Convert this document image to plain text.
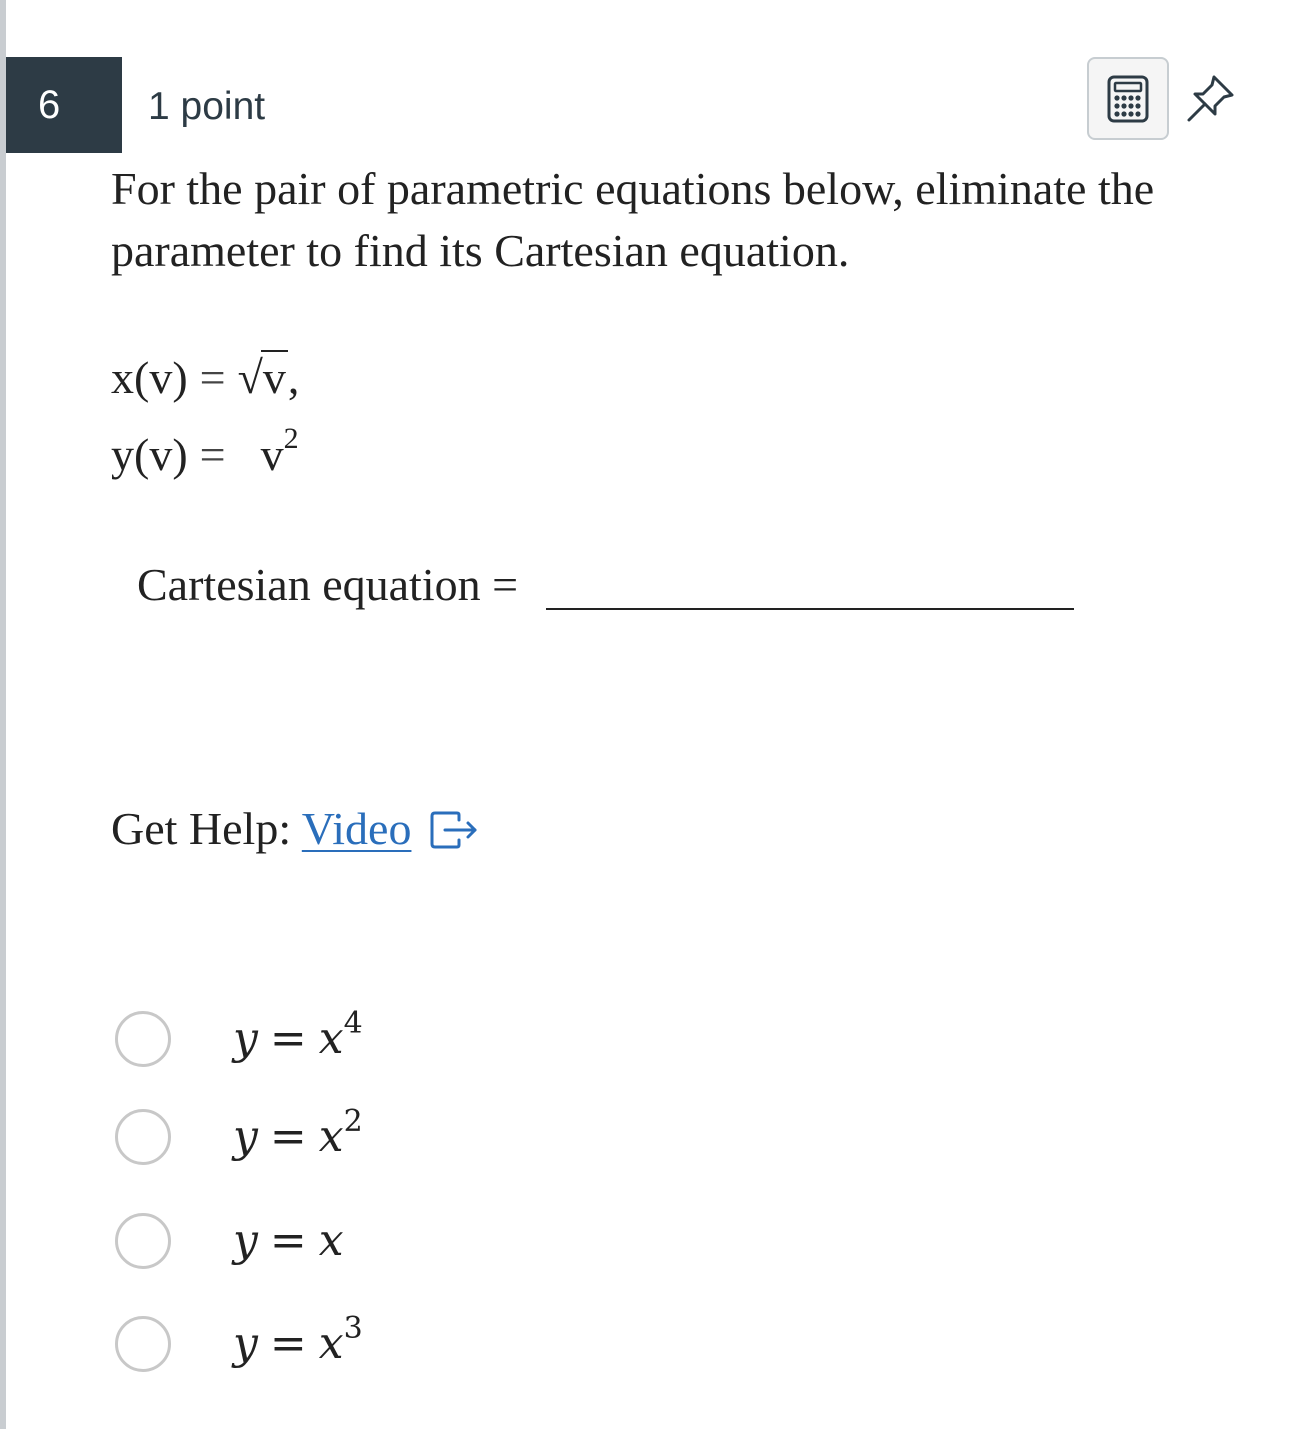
6 1 point
For the pair of parametric equations below, eliminate the parameter to find its Cartesian equation.
x(v) = √v,
$y(v) = v^2$
Cartesian equation =
Get Help: Video
$y = x^4$
$y = x^2$
y = x
$y = x^3$
